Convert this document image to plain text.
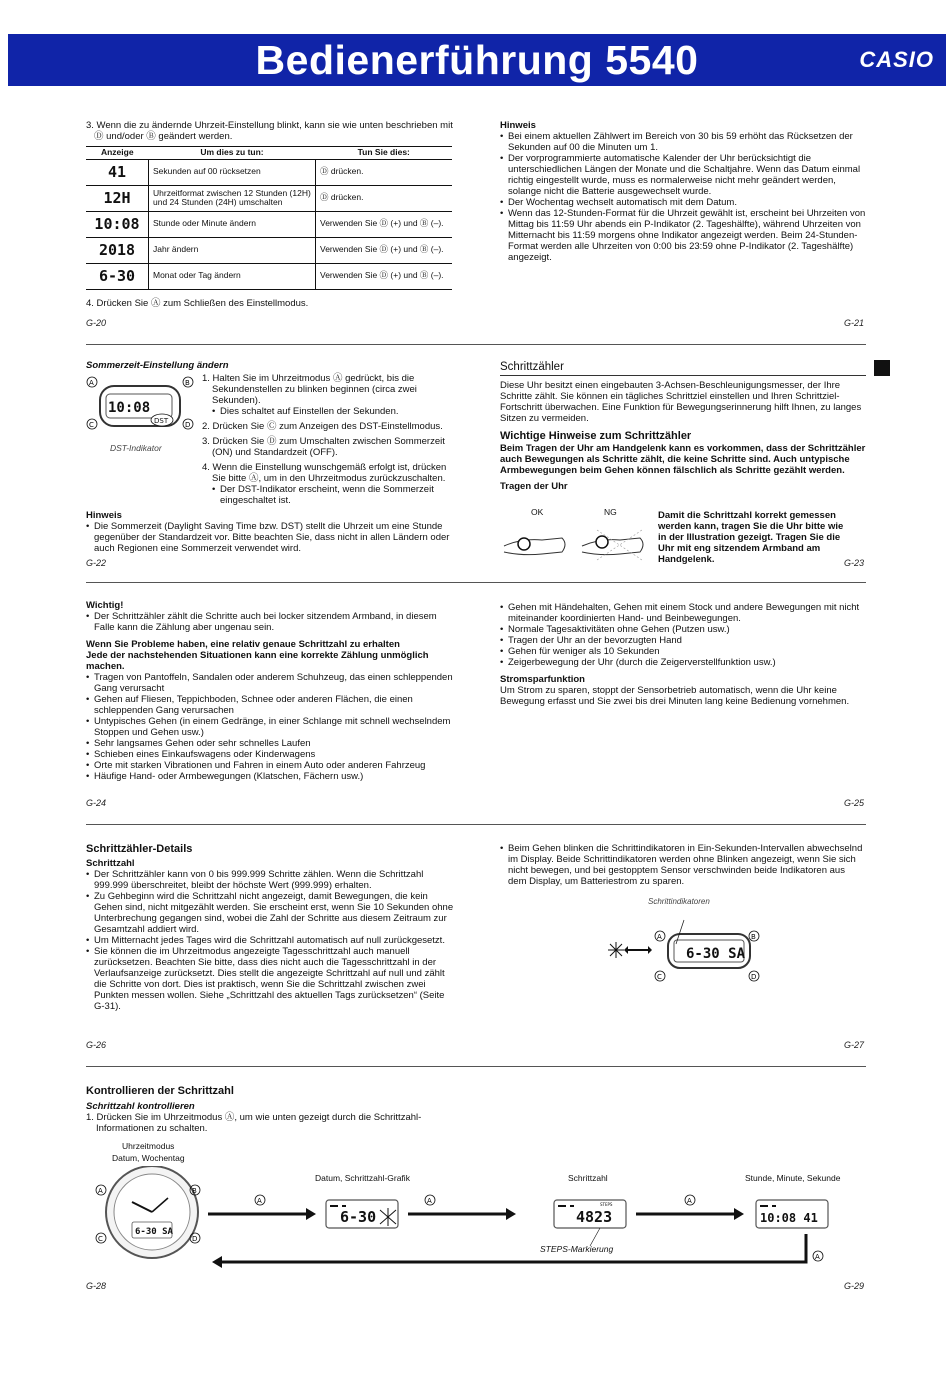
Bedienerführung 5540	CASIO

3. Wenn die zu ändernde Uhrzeit-Einstellung blinkt, kann sie wie unten beschrieben mit Ⓓ und/oder Ⓑ geändert werden.

Anzeige	Um dies zu tun:	Tun Sie dies:
41	Sekunden auf 00 rücksetzen	Ⓓ drücken.
12H	Uhrzeitformat zwischen 12 Stunden (12H) und 24 Stunden (24H) umschalten	Ⓓ drücken.
10:08	Stunde oder Minute ändern	Verwenden Sie Ⓓ (+) und Ⓑ (–).
2018	Jahr ändern	Verwenden Sie Ⓓ (+) und Ⓑ (–).
6-30	Monat oder Tag ändern	Verwenden Sie Ⓓ (+) und Ⓑ (–).

4. Drücken Sie Ⓐ zum Schließen des Einstellmodus.

G-20

Hinweis

• Bei einem aktuellen Zählwert im Bereich von 30 bis 59 erhöht das Rücksetzen der Sekunden auf 00 die Minuten um 1.

• Der vorprogrammierte automatische Kalender der Uhr berücksichtigt die unterschiedlichen Längen der Monate und die Schaltjahre. Wenn das Datum einmal richtig eingestellt wurde, muss es normalerweise nicht mehr geändert werden, solange nicht die Batterie ausgewechselt wurde.

• Der Wochentag wechselt automatisch mit dem Datum.

• Wenn das 12-Stunden-Format für die Uhrzeit gewählt ist, erscheint bei Uhrzeiten von Mittag bis 11:59 Uhr abends ein P-Indikator (2. Tageshälfte), während Uhrzeiten von Mitternacht bis 11:59 morgens ohne Indikator angezeigt werden. Beim 24-Stunden-Format werden alle Uhrzeiten von 0:00 bis 23:59 ohne P-Indikator (2. Tageshälfte) angezeigt.

G-21

Sommerzeit-Einstellung ändern

10:08
DST
A	B
C	D
DST-Indikator

1. Halten Sie im Uhrzeitmodus Ⓐ gedrückt, bis die Sekundenstellen zu blinken beginnen (circa zwei Sekunden).

• Dies schaltet auf Einstellen der Sekunden.

2. Drücken Sie Ⓒ zum Anzeigen des DST-Einstellmodus.

3. Drücken Sie Ⓓ zum Umschalten zwischen Sommerzeit (ON) und Standardzeit (OFF).

4. Wenn die Einstellung wunschgemäß erfolgt ist, drücken Sie bitte Ⓐ, um in den Uhrzeitmodus zurückzuschalten.

• Der DST-Indikator erscheint, wenn die Sommerzeit eingeschaltet ist.

Hinweis

• Die Sommerzeit (Daylight Saving Time bzw. DST) stellt die Uhrzeit um eine Stunde gegenüber der Standardzeit vor. Bitte beachten Sie, dass nicht in allen Ländern oder auch Regionen eine Sommerzeit verwendet wird.

G-22

Schrittzähler

Diese Uhr besitzt einen eingebauten 3-Achsen-Beschleunigungsmesser, der Ihre Schritte zählt. Sie können ein tägliches Schrittziel einstellen und Ihren Schrittziel-Fortschritt überwachen. Eine Funktion für Bewegungserinnerung hilft Ihnen, zu langes Sitzen zu vermeiden.

Wichtige Hinweise zum Schrittzähler

Beim Tragen der Uhr am Handgelenk kann es vorkommen, dass der Schrittzähler auch Bewegungen als Schritte zählt, die keine Schritte sind. Auch untypische Armbewegungen beim Gehen können fälschlich als Schritte gezählt werden.

Tragen der Uhr

OK	NG	Damit die Schrittzahl korrekt gemessen werden kann, tragen Sie die Uhr bitte wie in der Illustration gezeigt. Tragen Sie die Uhr mit eng sitzendem Armband am Handgelenk.	G-23

Wichtig!

• Der Schrittzähler zählt die Schritte auch bei locker sitzendem Armband, in diesem Falle kann die Zählung aber ungenau sein.

Wenn Sie Probleme haben, eine relativ genaue Schrittzahl zu erhalten

Jede der nachstehenden Situationen kann eine korrekte Zählung unmöglich machen.

• Tragen von Pantoffeln, Sandalen oder anderem Schuhzeug, das einen schleppenden Gang verursacht

• Gehen auf Fliesen, Teppichboden, Schnee oder anderen Flächen, die einen schleppenden Gang verursachen

• Untypisches Gehen (in einem Gedränge, in einer Schlange mit schnell wechselndem Stoppen und Gehen usw.)

• Sehr langsames Gehen oder sehr schnelles Laufen

• Schieben eines Einkaufswagens oder Kinderwagens

• Orte mit starken Vibrationen und Fahren in einem Auto oder anderen Fahrzeug

• Häufige Hand- oder Armbewegungen (Klatschen, Fächern usw.)

G-24

• Gehen mit Händehalten, Gehen mit einem Stock und andere Bewegungen mit nicht miteinander koordinierten Hand- und Beinbewegungen.

• Normale Tagesaktivitäten ohne Gehen (Putzen usw.)

• Tragen der Uhr an der bevorzugten Hand

• Gehen für weniger als 10 Sekunden

• Zeigerbewegung der Uhr (durch die Zeigerverstellfunktion usw.)

Stromsparfunktion

Um Strom zu sparen, stoppt der Sensorbetrieb automatisch, wenn die Uhr keine Bewegung erfasst und Sie zwei bis drei Minuten lang keine Bedienung vornehmen.

G-25

Schrittzähler-Details

Schrittzahl

• Der Schrittzähler kann von 0 bis 999.999 Schritte zählen. Wenn die Schrittzahl 999.999 überschreitet, bleibt der höchste Wert (999.999) erhalten.

• Zu Gehbeginn wird die Schrittzahl nicht angezeigt, damit Bewegungen, die kein Gehen sind, nicht mitgezählt werden. Sie erscheint erst, wenn Sie 10 Sekunden ohne Unterbrechung gegangen sind, wobei die Zahl der Schritte aus diesem Zeitraum zur Gesamtzahl addiert wird.

• Um Mitternacht jedes Tages wird die Schrittzahl automatisch auf null zurückgesetzt.

• Sie können die im Uhrzeitmodus angezeigte Tagesschrittzahl auch manuell zurücksetzen. Beachten Sie bitte, dass dies nicht auch die Tagesschrittzahl in der Verlaufsanzeige zurücksetzt. Dies stellt die angezeigte Schrittzahl auf null und zählt die Schritte von dort. Dies ist praktisch, wenn Sie die Schrittzahl zwischen zwei Punkten messen wollen. Siehe „Schrittzahl des aktuellen Tags zurücksetzen“ (Seite G-31).

G-26

• Beim Gehen blinken die Schrittindikatoren in Ein-Sekunden-Intervallen abwechselnd im Display. Beide Schrittindikatoren werden ohne Blinken angezeigt, wenn Sie sich nicht bewegen, und bei gestopptem Sensor verschwinden beide Indikatoren aus dem Display, um Batteriestrom zu sparen.

Schrittindikatoren
6-30 SA
A	B
C	D
G-27

Kontrollieren der Schrittzahl

Schrittzahl kontrollieren

1. Drücken Sie im Uhrzeitmodus Ⓐ, um wie unten gezeigt durch die Schrittzahl-Informationen zu schalten.

Uhrzeitmodus
Datum, Wochentag
Datum, Schrittzahl-Grafik	Schrittzahl	Stunde, Minute, Sekunde
STEPS-Markierung
6-30 SA
A	B
C	D
A
6-30
A
4823
STEPS	A
10:08 41
A
G-28	G-29
